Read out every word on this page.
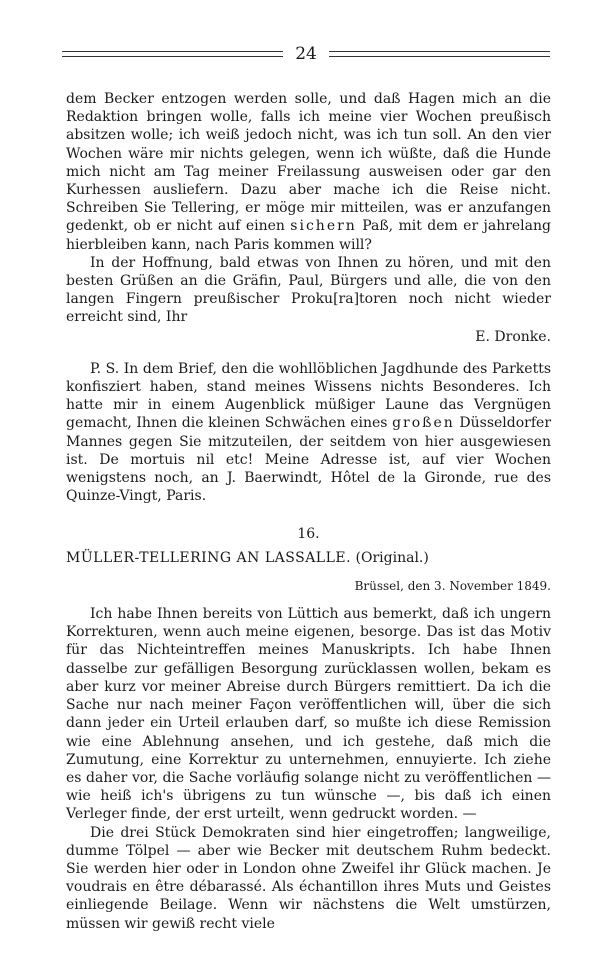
24

dem Becker entzogen werden solle, und daß Hagen mich an die Redaktion bringen wolle, falls ich meine vier Wochen preußisch absitzen wolle; ich weiß jedoch nicht, was ich tun soll. An den vier Wochen wäre mir nichts gelegen, wenn ich wüßte, daß die Hunde mich nicht am Tag meiner Freilassung ausweisen oder gar den Kurhessen ausliefern. Dazu aber mache ich die Reise nicht. Schreiben Sie Tellering, er möge mir mitteilen, was er anzufangen gedenkt, ob er nicht auf einen sichern Paß, mit dem er jahrelang hierbleiben kann, nach Paris kommen will?

In der Hoffnung, bald etwas von Ihnen zu hören, und mit den besten Grüßen an die Gräfin, Paul, Bürgers und alle, die von den langen Fingern preußischer Proku[ra]toren noch nicht wieder erreicht sind, Ihr

E. Dronke.

P. S. In dem Brief, den die wohllöblichen Jagdhunde des Parketts konfisziert haben, stand meines Wissens nichts Besonderes. Ich hatte mir in einem Augenblick müßiger Laune das Vergnügen gemacht, Ihnen die kleinen Schwächen eines großen Düsseldorfer Mannes gegen Sie mitzuteilen, der seitdem von hier ausgewiesen ist. De mortuis nil etc! Meine Adresse ist, auf vier Wochen wenigstens noch, an J. Baerwindt, Hôtel de la Gironde, rue des Quinze-Vingt, Paris.

16.

MÜLLER-TELLERING AN LASSALLE. (Original.)

Brüssel, den 3. November 1849.

Ich habe Ihnen bereits von Lüttich aus bemerkt, daß ich ungern Korrekturen, wenn auch meine eigenen, besorge. Das ist das Motiv für das Nichteintreffen meines Manuskripts. Ich habe Ihnen dasselbe zur gefälligen Besorgung zurücklassen wollen, bekam es aber kurz vor meiner Abreise durch Bürgers remittiert. Da ich die Sache nur nach meiner Façon veröffentlichen will, über die sich dann jeder ein Urteil erlauben darf, so mußte ich diese Remission wie eine Ablehnung ansehen, und ich gestehe, daß mich die Zumutung, eine Korrektur zu unternehmen, ennuyierte. Ich ziehe es daher vor, die Sache vorläufig solange nicht zu veröffentlichen — wie heiß ich's übrigens zu tun wünsche —, bis daß ich einen Verleger finde, der erst urteilt, wenn gedruckt worden. —

Die drei Stück Demokraten sind hier eingetroffen; langweilige, dumme Tölpel — aber wie Becker mit deutschem Ruhm bedeckt. Sie werden hier oder in London ohne Zweifel ihr Glück machen. Je voudrais en être débarassé. Als échantillon ihres Muts und Geistes einliegende Beilage. Wenn wir nächstens die Welt umstürzen, müssen wir gewiß recht viele
